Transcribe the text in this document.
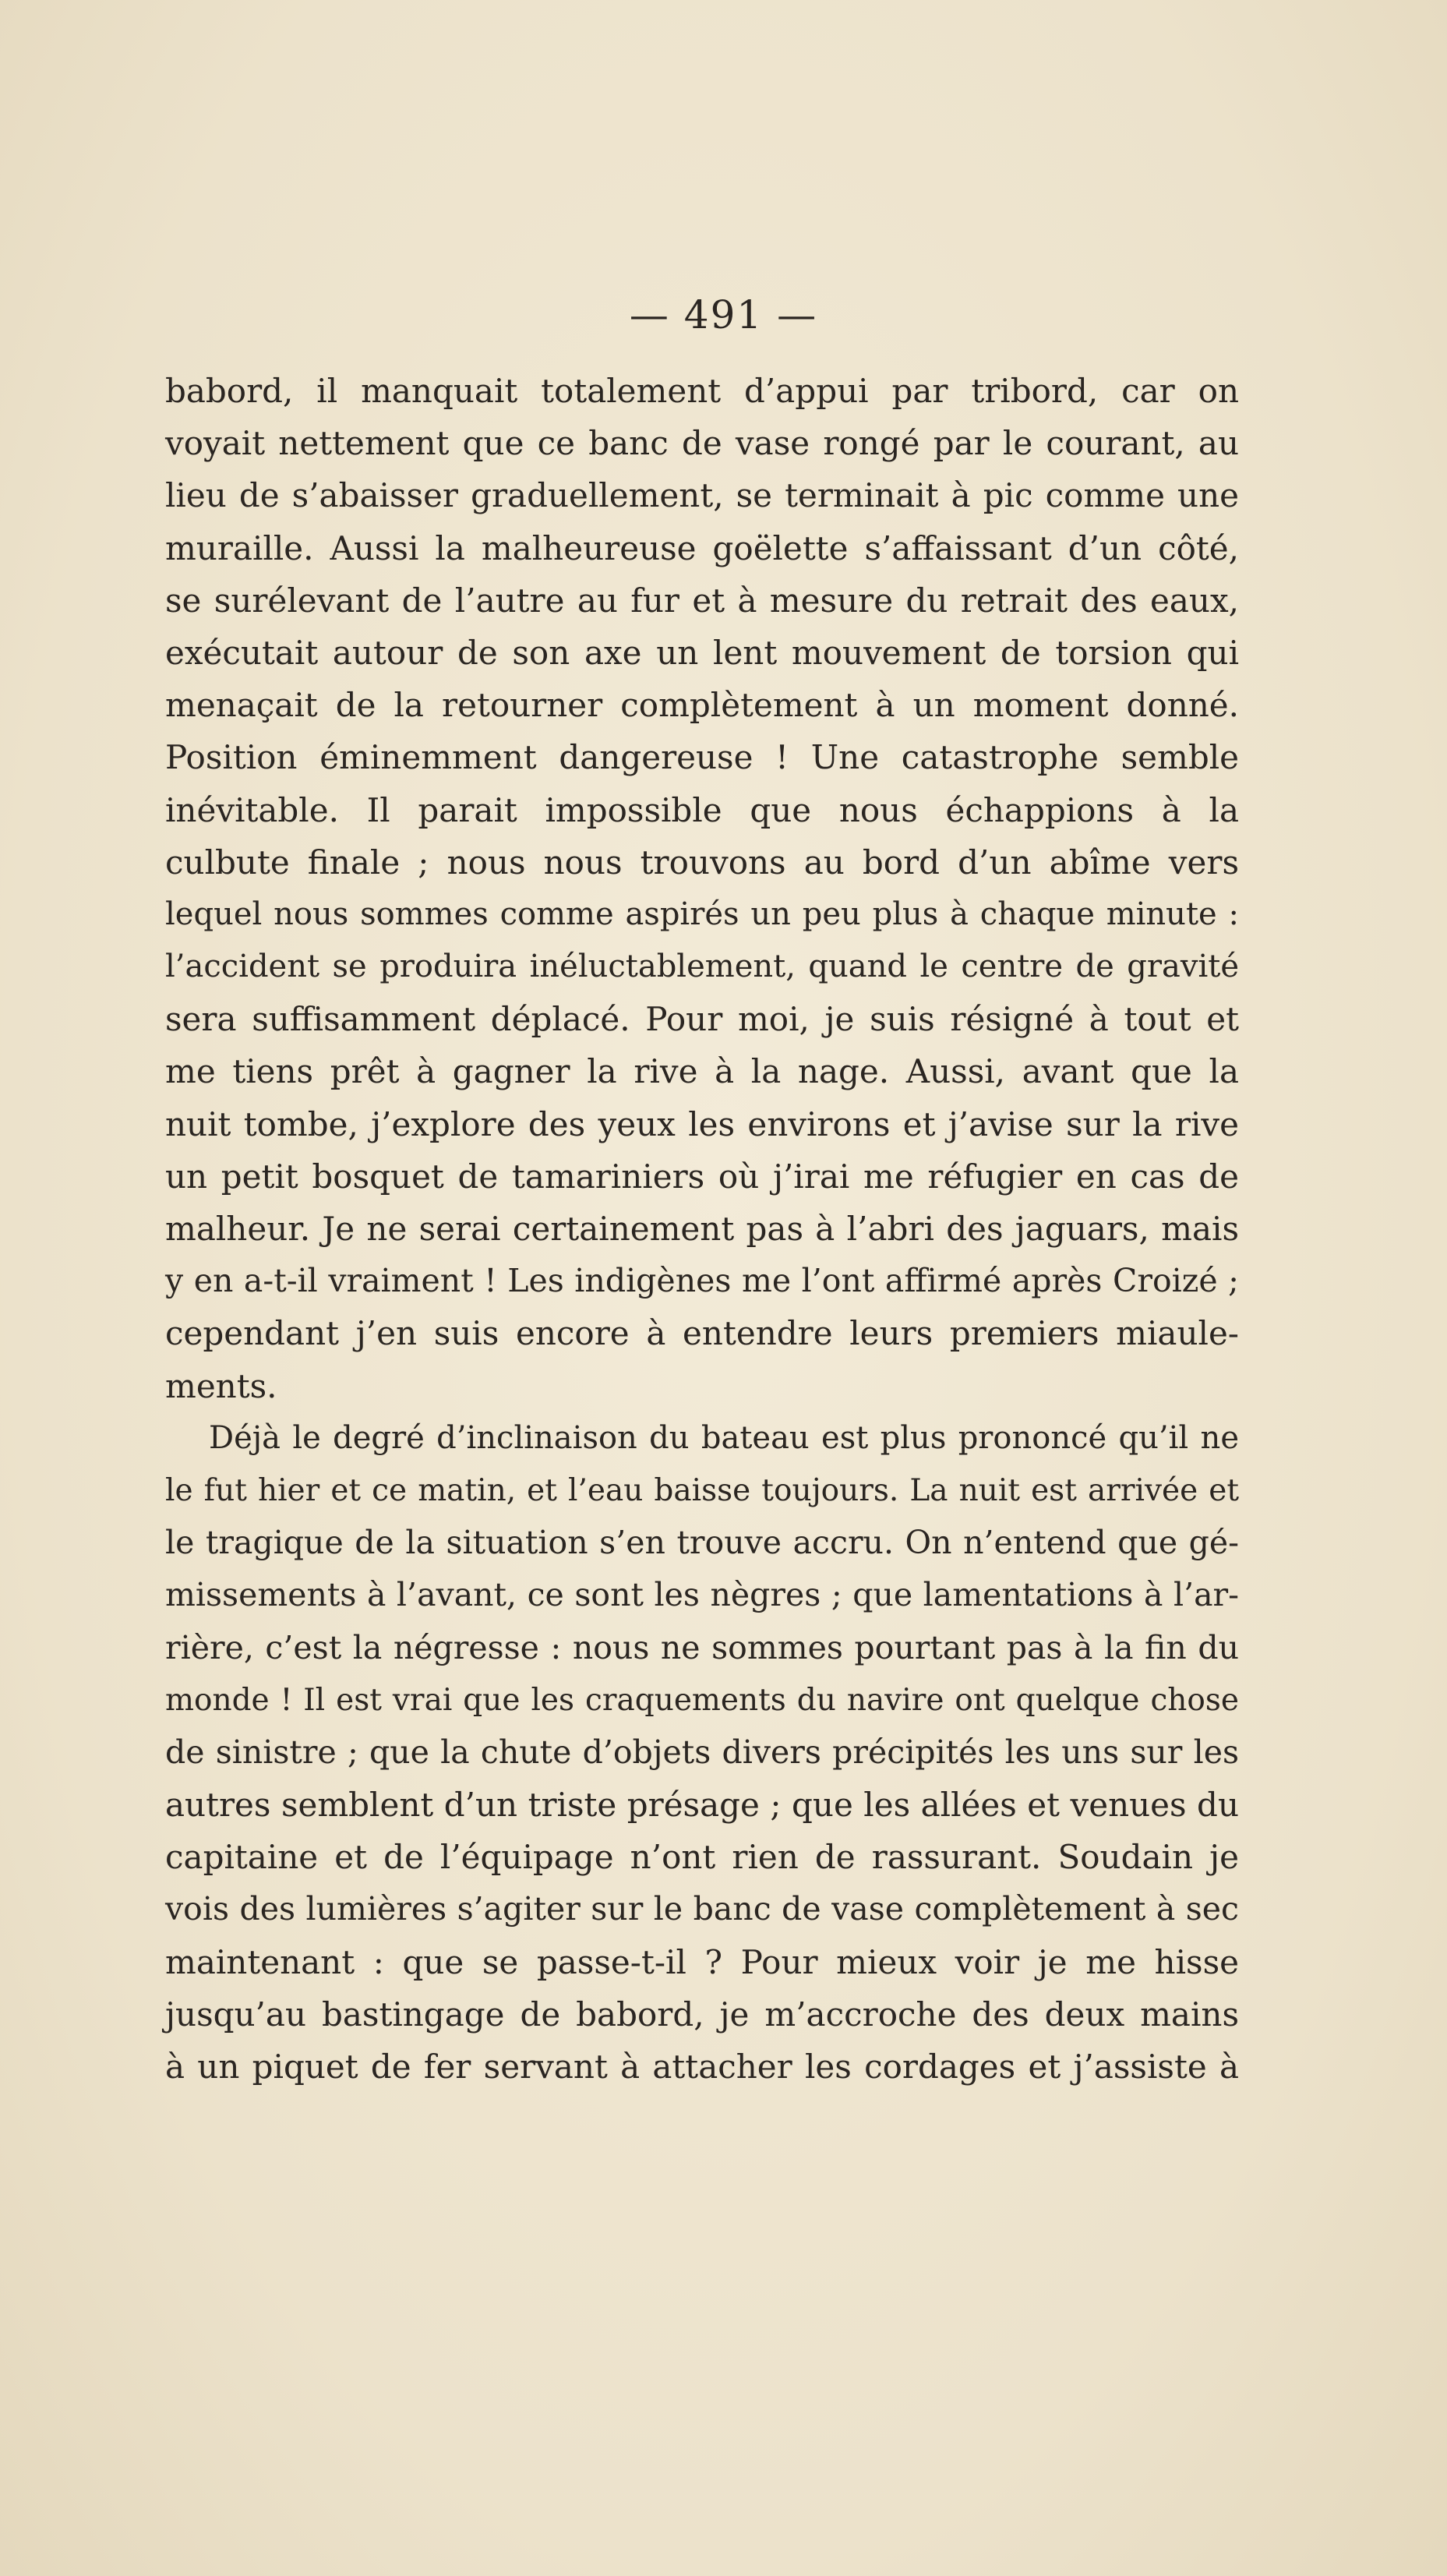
— 491 —

babord, il manquait totalement d’appui par tribord, car on
voyait nettement que ce banc de vase rongé par le courant, au
lieu de s’abaisser graduellement, se terminait à pic comme une
muraille. Aussi la malheureuse goëlette s’affaissant d’un côté,
se surélevant de l’autre au fur et à mesure du retrait des eaux,
exécutait autour de son axe un lent mouvement de torsion qui
menaçait de la retourner complètement à un moment donné.
Position éminemment dangereuse ! Une catastrophe semble
inévitable. Il parait impossible que nous échappions à la
culbute finale ; nous nous trouvons au bord d’un abîme vers
lequel nous sommes comme aspirés un peu plus à chaque minute :
l’accident se produira inéluctablement, quand le centre de gravité
sera suffisamment déplacé. Pour moi, je suis résigné à tout et
me tiens prêt à gagner la rive à la nage. Aussi, avant que la
nuit tombe, j’explore des yeux les environs et j’avise sur la rive
un petit bosquet de tamariniers où j’irai me réfugier en cas de
malheur. Je ne serai certainement pas à l’abri des jaguars, mais
y en a-t-il vraiment ! Les indigènes me l’ont affirmé après Croizé ;
cependant j’en suis encore à entendre leurs premiers miaule-
ments.

Déjà le degré d’inclinaison du bateau est plus prononcé qu’il ne
le fut hier et ce matin, et l’eau baisse toujours. La nuit est arrivée et
le tragique de la situation s’en trouve accru. On n’entend que gé-
missements à l’avant, ce sont les nègres ; que lamentations à l’ar-
rière, c’est la négresse : nous ne sommes pourtant pas à la fin du
monde ! Il est vrai que les craquements du navire ont quelque chose
de sinistre ; que la chute d’objets divers précipités les uns sur les
autres semblent d’un triste présage ; que les allées et venues du
capitaine et de l’équipage n’ont rien de rassurant. Soudain je
vois des lumières s’agiter sur le banc de vase complètement à sec
maintenant : que se passe-t-il ? Pour mieux voir je me hisse
jusqu’au bastingage de babord, je m’accroche des deux mains
à un piquet de fer servant à attacher les cordages et j’assiste à
